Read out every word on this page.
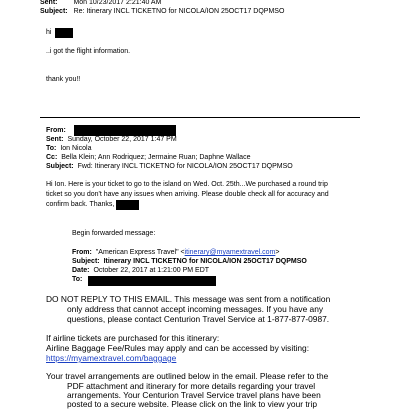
Sent: Mon 10/23/2017 2:21:40 AM
Subject: Re: Itinerary INCL TICKETNO for NICOLA/ION 25OCT17 DQPMSO
hi
..i got the flight information.
thank you!!
From:
Sent: Sunday, October 22, 2017 1:47 PM
To: Ion Nicola
Cc: Bella Klein; Ann Rodriquez; Jermaine Ruan; Daphne Wallace
Subject: Fwd: Itinerary INCL TICKETNO for NICOLA/ION 25OCT17 DQPMSO
Hi Ion. Here is your ticket to go to the island on Wed. Oct. 25th...We purchased a round trip
ticket so you don't have any issues when arriving. Please double check all for accuracy and
confirm back. Thanks,
Begin forwarded message:
From: "American Express Travel" <itinerary@myamextravel.com>
Subject: Itinerary INCL TICKETNO for NICOLA/ION 25OCT17 DQPMSO
Date: October 22, 2017 at 1:21:00 PM EDT
To:
DO NOT REPLY TO THIS EMAIL. This message was sent from a notification
only address that cannot accept incoming messages. If you have any
questions, please contact Centurion Travel Service at 1-877-877-0987.
If airline tickets are purchased for this itinerary:
Airline Baggage Fee/Rules may apply and can be accessed by visiting:
https://myamextravel.com/baggage
Your travel arrangements are outlined below in the email. Please refer to the
PDF attachment and itinerary for more details regarding your travel
arrangements. Your Centurion Travel Service travel plans have been
posted to a secure website. Please click on the link to view your trip
